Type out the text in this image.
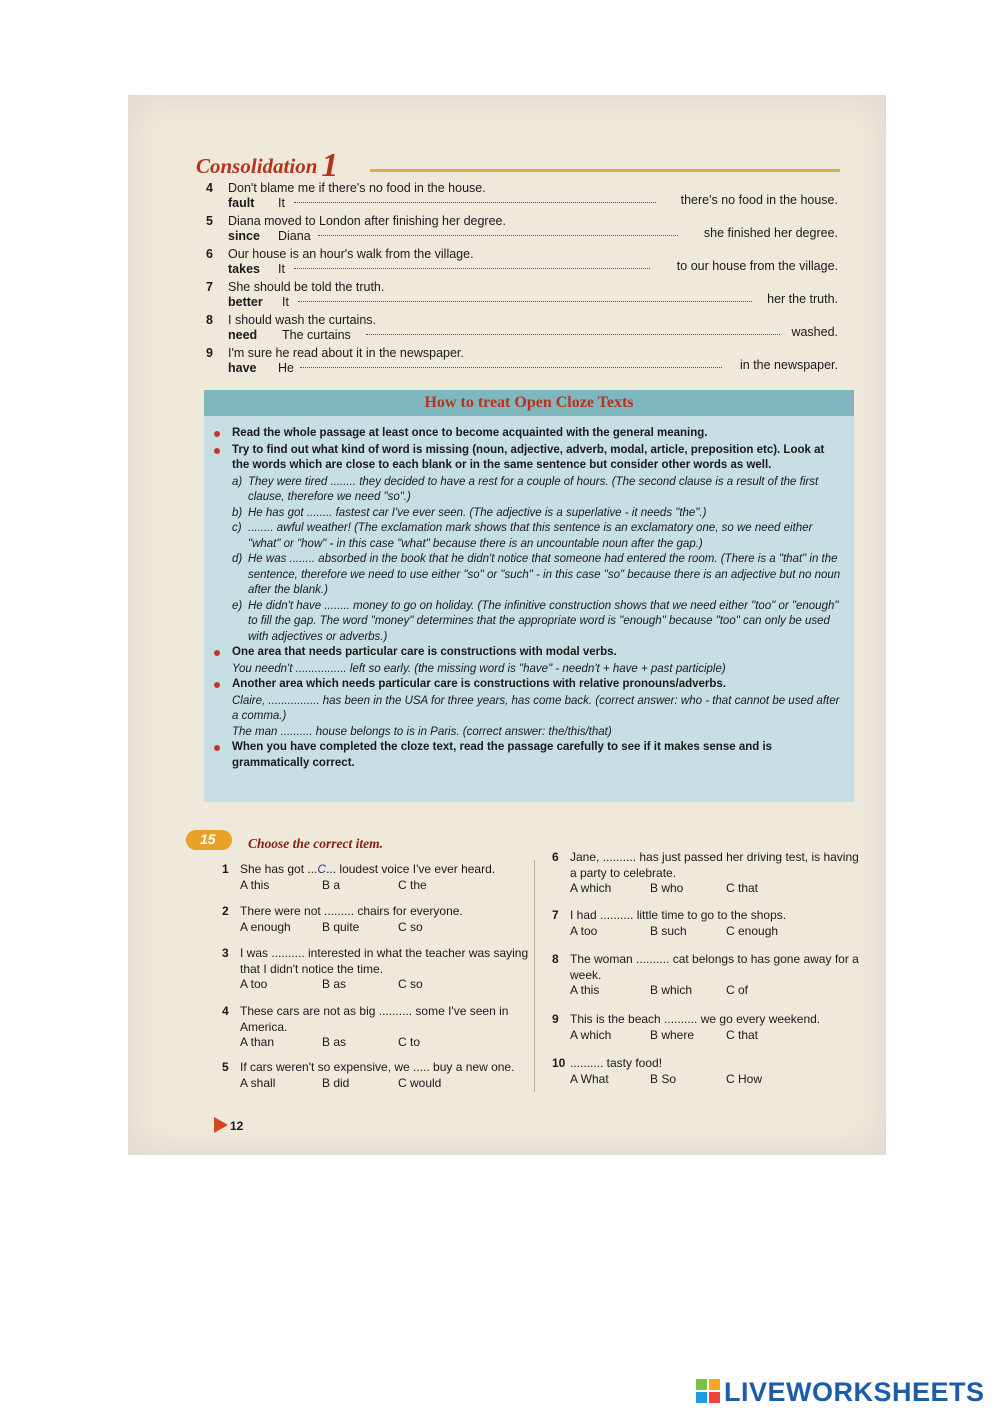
Consolidation 1
4 Don't blame me if there's no food in the house.
fault It	there's no food in the house.
5 Diana moved to London after finishing her degree.
since Diana	she finished her degree.
6 Our house is an hour's walk from the village.
takes It	to our house from the village.
7 She should be told the truth.
better It	her the truth.
8 I should wash the curtains.
need The curtains	washed.
9 I'm sure he read about it in the newspaper.
have He	in the newspaper.
How to treat Open Cloze Texts
Read the whole passage at least once to become acquainted with the general meaning.
Try to find out what kind of word is missing (noun, adjective, adverb, modal, article, preposition etc). Look at the words which are close to each blank or in the same sentence but consider other words as well.
a) They were tired ........ they decided to have a rest for a couple of hours. (The second clause is a result of the first clause, therefore we need "so".)
b) He has got ........ fastest car I've ever seen. (The adjective is a superlative - it needs "the".)
c) ........ awful weather! (The exclamation mark shows that this sentence is an exclamatory one, so we need either "what" or "how" - in this case "what" because there is an uncountable noun after the gap.)
d) He was ........ absorbed in the book that he didn't notice that someone had entered the room. (There is a "that" in the sentence, therefore we need to use either "so" or "such" - in this case "so" because there is an adjective but no noun after the blank.)
e) He didn't have ........ money to go on holiday. (The infinitive construction shows that we need either "too" or "enough" to fill the gap. The word "money" determines that the appropriate word is "enough" because "too" can only be used with adjectives or adverbs.)
One area that needs particular care is constructions with modal verbs.
You needn't ................ left so early. (the missing word is "have" - needn't + have + past participle)
Another area which needs particular care is constructions with relative pronouns/adverbs.
Claire, ................ has been in the USA for three years, has come back. (correct answer: who - that cannot be used after a comma.)
The man .......... house belongs to is in Paris. (correct answer: the/this/that)
When you have completed the cloze text, read the passage carefully to see if it makes sense and is grammatically correct.
15 Choose the correct item.
1 She has got ...C... loudest voice I've ever heard.
A this	B a	C the
2 There were not ......... chairs for everyone.
A enough	B quite	C so
3 I was .......... interested in what the teacher was saying that I didn't notice the time.
A too	B as	C so
4 These cars are not as big .......... some I've seen in America.
A than	B as	C to
5 If cars weren't so expensive, we ..... buy a new one.
A shall	B did	C would
6 Jane, .......... has just passed her driving test, is having a party to celebrate.
A which	B who	C that
7 I had .......... little time to go to the shops.
A too	B such	C enough
8 The woman .......... cat belongs to has gone away for a week.
A this	B which	C of
9 This is the beach .......... we go every weekend.
A which	B where	C that
10 .......... tasty food!
A What	B So	C How
12
LIVEWORKSHEETS
